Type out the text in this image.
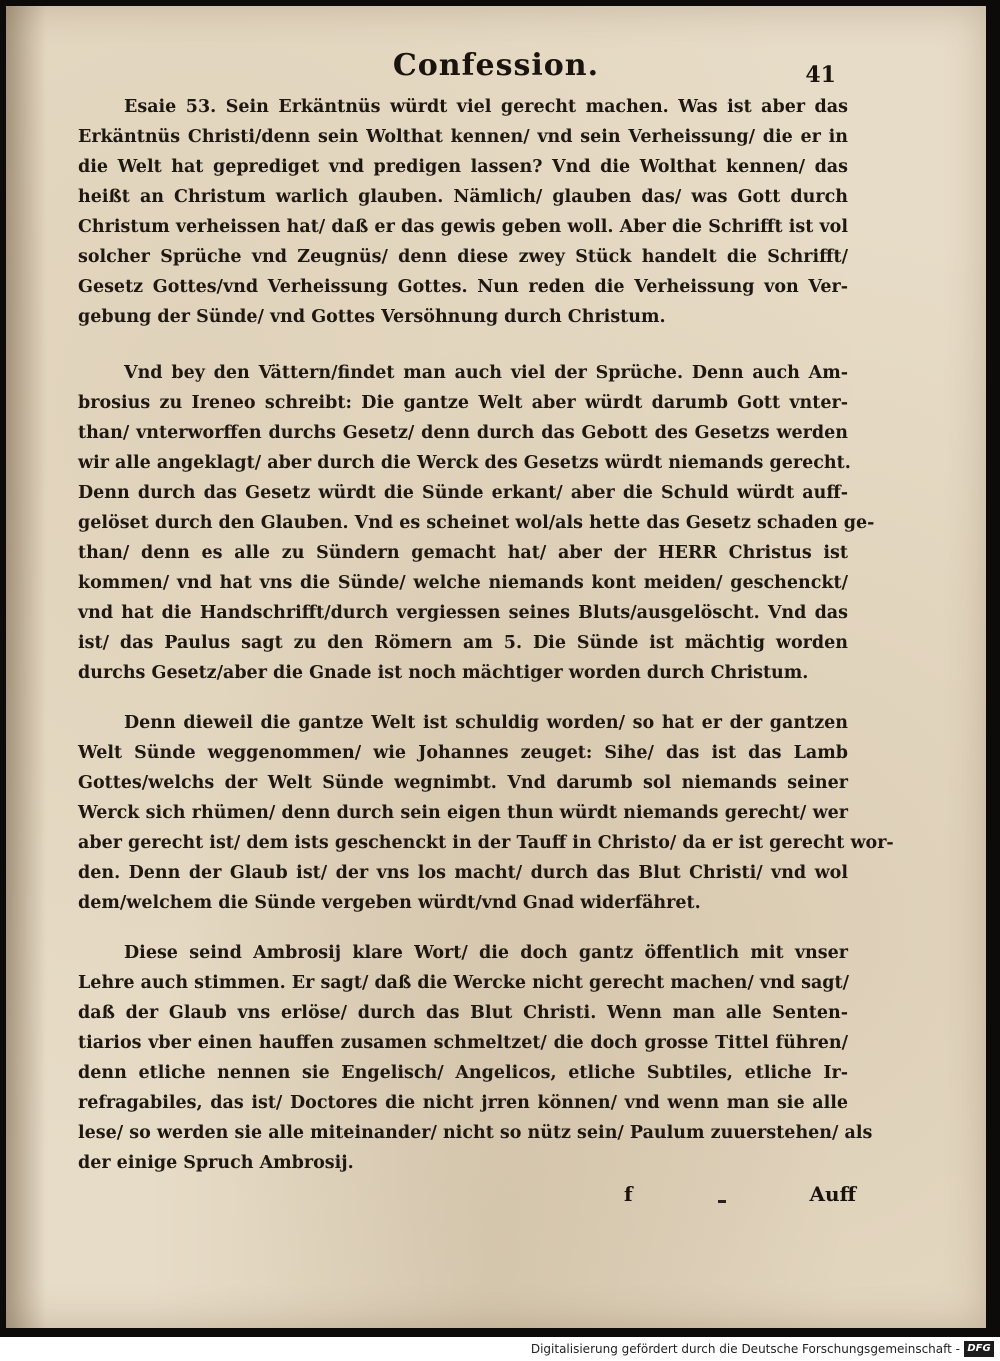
Confession.	41
Esaie 53. Sein Erkäntnüs würdt viel gerecht machen. Was ist aber das
Erkäntnüs Christi/denn sein Wolthat kennen/ vnd sein Verheissung/ die er in
die Welt hat geprediget vnd predigen lassen? Vnd die Wolthat kennen/ das
heißt an Christum warlich glauben. Nämlich/ glauben das/ was Gott durch
Christum verheissen hat/ daß er das gewis geben woll. Aber die Schrifft ist vol
solcher Sprüche vnd Zeugnüs/ denn diese zwey Stück handelt die Schrifft/
Gesetz Gottes/vnd Verheissung Gottes. Nun reden die Verheissung von Ver-
gebung der Sünde/ vnd Gottes Versöhnung durch Christum.
Vnd bey den Vättern/findet man auch viel der Sprüche. Denn auch Am-
brosius zu Ireneo schreibt: Die gantze Welt aber würdt darumb Gott vnter-
than/ vnterworffen durchs Gesetz/ denn durch das Gebott des Gesetzs werden
wir alle angeklagt/ aber durch die Werck des Gesetzs würdt niemands gerecht.
Denn durch das Gesetz würdt die Sünde erkant/ aber die Schuld würdt auff-
gelöset durch den Glauben. Vnd es scheinet wol/als hette das Gesetz schaden ge-
than/ denn es alle zu Sündern gemacht hat/ aber der HERR Christus ist
kommen/ vnd hat vns die Sünde/ welche niemands kont meiden/ geschenckt/
vnd hat die Handschrifft/durch vergiessen seines Bluts/ausgelöscht. Vnd das
ist/ das Paulus sagt zu den Römern am 5. Die Sünde ist mächtig worden
durchs Gesetz/aber die Gnade ist noch mächtiger worden durch Christum.
Denn dieweil die gantze Welt ist schuldig worden/ so hat er der gantzen
Welt Sünde weggenommen/ wie Johannes zeuget: Sihe/ das ist das Lamb
Gottes/welchs der Welt Sünde wegnimbt. Vnd darumb sol niemands seiner
Werck sich rhümen/ denn durch sein eigen thun würdt niemands gerecht/ wer
aber gerecht ist/ dem ists geschenckt in der Tauff in Christo/ da er ist gerecht wor-
den. Denn der Glaub ist/ der vns los macht/ durch das Blut Christi/ vnd wol
dem/welchem die Sünde vergeben würdt/vnd Gnad widerfähret.
Diese seind Ambrosij klare Wort/ die doch gantz öffentlich mit vnser
Lehre auch stimmen. Er sagt/ daß die Wercke nicht gerecht machen/ vnd sagt/
daß der Glaub vns erlöse/ durch das Blut Christi. Wenn man alle Senten-
tiarios vber einen hauffen zusamen schmeltzet/ die doch grosse Tittel führen/
denn etliche nennen sie Engelisch/ Angelicos, etliche Subtiles, etliche Ir-
refragabiles, das ist/ Doctores die nicht jrren können/ vnd wenn man sie alle
lese/ so werden sie alle miteinander/ nicht so nütz sein/ Paulum zuuerstehen/ als
der einige Spruch Ambrosij.
f	Auff
Digitalisierung gefördert durch die Deutsche Forschungsgemeinschaft - DFG
